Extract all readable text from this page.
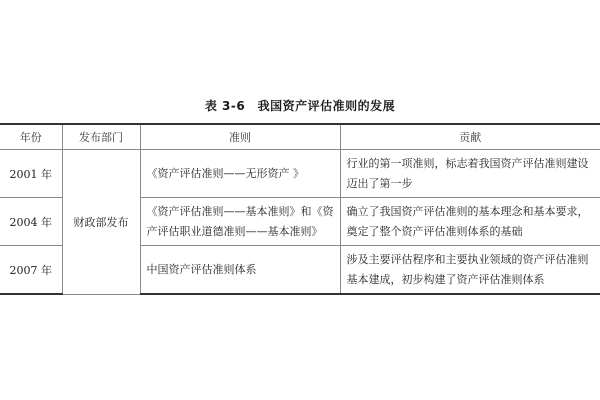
表 3-6　我国资产评估准则的发展
年份	发布部门	准则	贡献
2001 年	财政部发布	《资产评估准则——无形资产 》	行业的第一项准则，标志着我国资产评估准则建设迈出了第一步
2004 年		《资产评估准则——基本准则》和《资产评估职业道德准则——基本准则》	确立了我国资产评估准则的基本理念和基本要求，奠定了整个资产评估准则体系的基础
2007 年		中国资产评估准则体系	涉及主要评估程序和主要执业领域的资产评估准则基本建成，初步构建了资产评估准则体系
